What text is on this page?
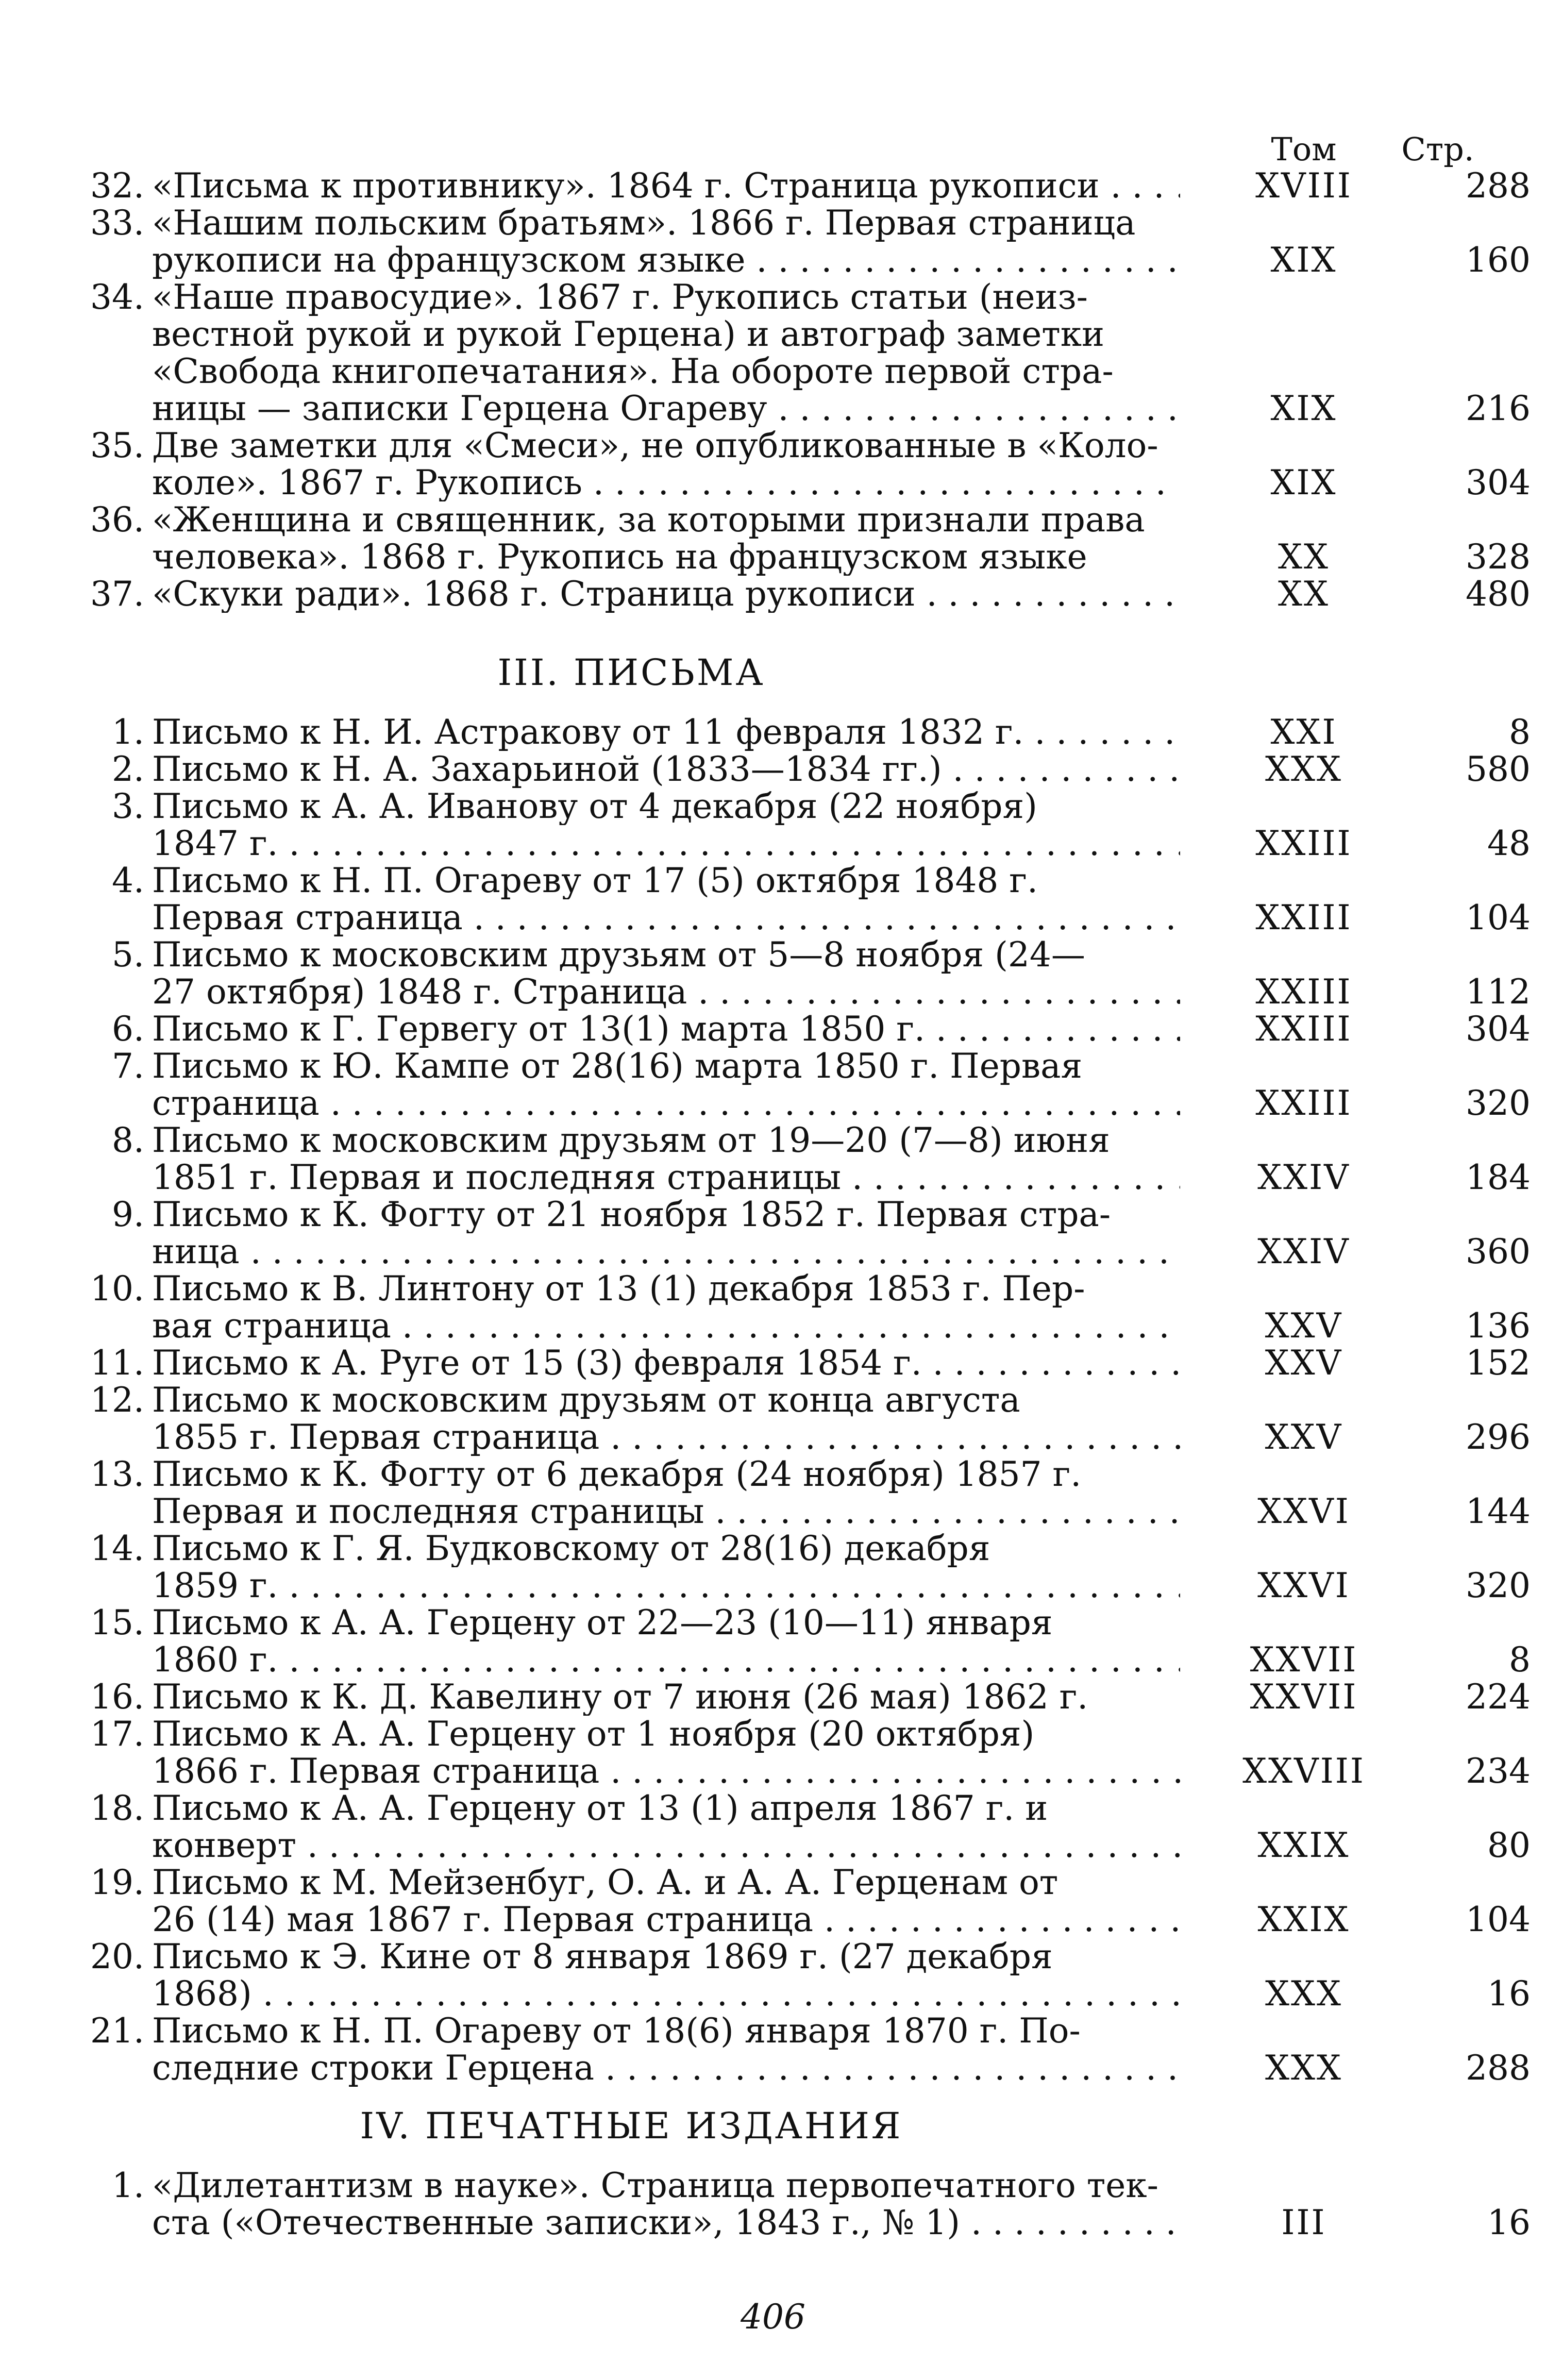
Том	Стр.
32. «Письма к противнику». 1864 г. Страница рукописи . . .	XVIII	288
33. «Нашим польским братьям». 1866 г. Первая страница
рукописи на французском языке . . .	XIX	160
34. «Наше правосудие». 1867 г. Рукопись статьи (неиз-
вестной рукой и рукой Герцена) и автограф заметки
«Свобода книгопечатания». На обороте первой стра-
ницы — записки Герцена Огареву . . .	XIX	216
35. Две заметки для «Смеси», не опубликованные в «Коло-
коле». 1867 г. Рукопись . . .	XIX	304
36. «Женщина и священник, за которыми признали права
человека». 1868 г. Рукопись на французском языке	XX	328
37. «Скуки ради». 1868 г. Страница рукописи . . .	XX	480
III. ПИСЬМА
1. Письмо к Н. И. Астракову от 11 февраля 1832 г. . . .	XXI	8
2. Письмо к Н. А. Захарьиной (1833—1834 гг.) . . .	XXX	580
3. Письмо к А. А. Иванову от 4 декабря (22 ноября)
1847 г. . . .	XXIII	48
4. Письмо к Н. П. Огареву от 17 (5) октября 1848 г.
Первая страница . . .	XXIII	104
5. Письмо к московским друзьям от 5—8 ноября (24—
27 октября) 1848 г. Страница . . .	XXIII	112
6. Письмо к Г. Гервегу от 13(1) марта 1850 г. . . .	XXIII	304
7. Письмо к Ю. Кампе от 28(16) марта 1850 г. Первая
страница . . .	XXIII	320
8. Письмо к московским друзьям от 19—20 (7—8) июня
1851 г. Первая и последняя страницы . . .	XXIV	184
9. Письмо к К. Фогту от 21 ноября 1852 г. Первая стра-
ница . . .	XXIV	360
10. Письмо к В. Линтону от 13 (1) декабря 1853 г. Пер-
вая страница . . .	XXV	136
11. Письмо к А. Руге от 15 (3) февраля 1854 г. . . .	XXV	152
12. Письмо к московским друзьям от конца августа
1855 г. Первая страница . . .	XXV	296
13. Письмо к К. Фогту от 6 декабря (24 ноября) 1857 г.
Первая и последняя страницы . . .	XXVI	144
14. Письмо к Г. Я. Будковскому от 28(16) декабря
1859 г. . . .	XXVI	320
15. Письмо к А. А. Герцену от 22—23 (10—11) января
1860 г. . . .	XXVII	8
16. Письмо к К. Д. Кавелину от 7 июня (26 мая) 1862 г.	XXVII	224
17. Письмо к А. А. Герцену от 1 ноября (20 октября)
1866 г. Первая страница . . .	XXVIII	234
18. Письмо к А. А. Герцену от 13 (1) апреля 1867 г. и
конверт . . .	XXIX	80
19. Письмо к М. Мейзенбуг, О. А. и А. А. Герценам от
26 (14) мая 1867 г. Первая страница . . .	XXIX	104
20. Письмо к Э. Кине от 8 января 1869 г. (27 декабря
1868) . . .	XXX	16
21. Письмо к Н. П. Огареву от 18(6) января 1870 г. По-
следние строки Герцена . . .	XXX	288
IV. ПЕЧАТНЫЕ ИЗДАНИЯ
1. «Дилетантизм в науке». Страница первопечатного тек-
ста («Отечественные записки», 1843 г., № 1) . . .	III	16
406
